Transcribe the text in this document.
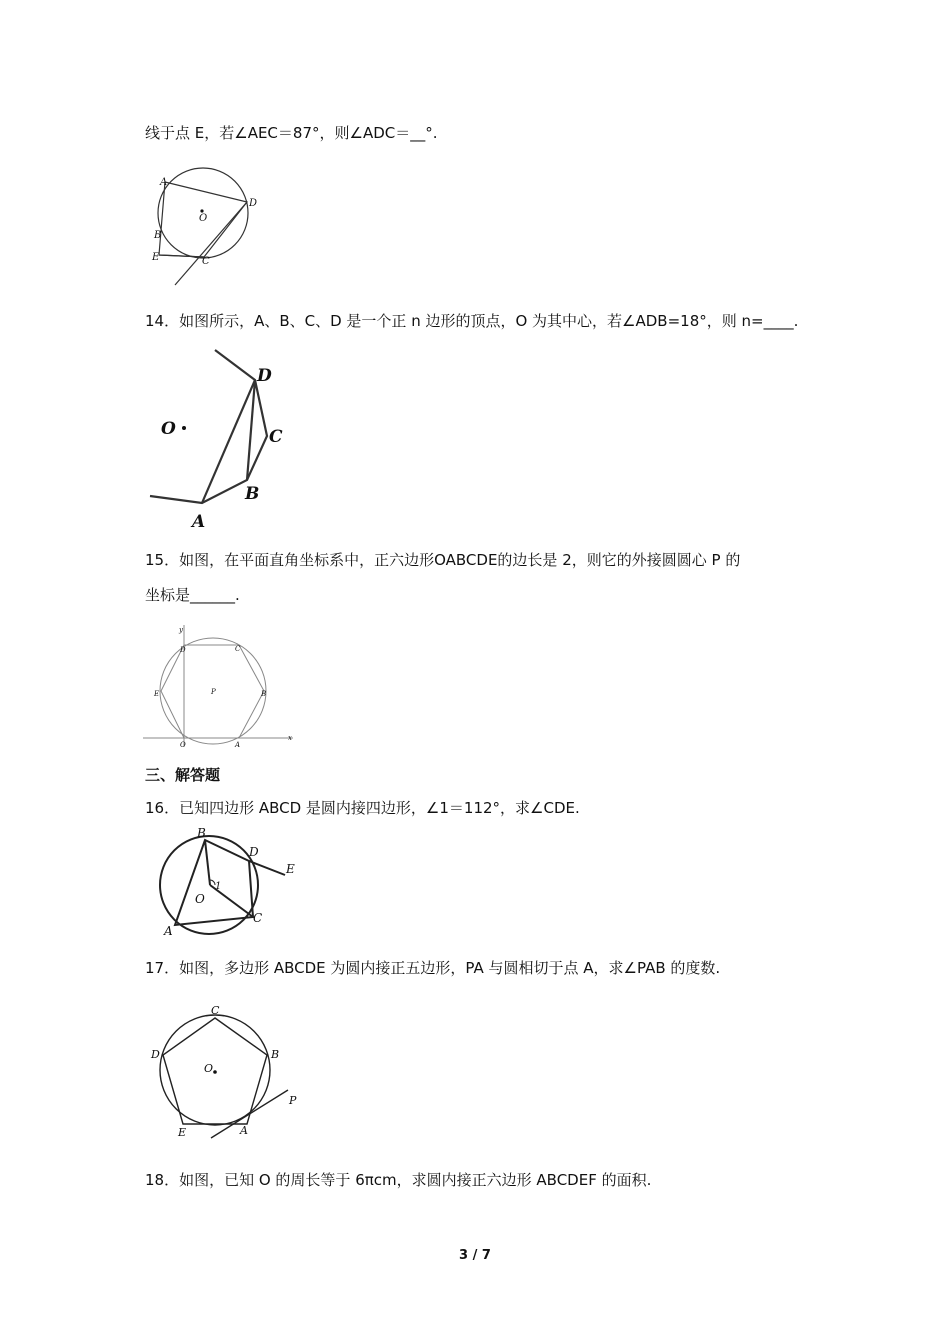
线于点 E，若∠AEC＝87°，则∠ADC＝__°.
A
D
O
B
E	C
14．如图所示，A、B、C、D 是一个正 n 边形的顶点，O 为其中心，若∠ADB=18°，则 n=____.
D
C
B
A
O
15．如图，在平面直角坐标系中，正六边形OABCDE的边长是 2，则它的外接圆圆心 P 的
坐标是______.
y
x
O	A
B
C
D
E	P
三、解答题
16．已知四边形 ABCD 是圆内接四边形，∠1＝112°，求∠CDE.
B
D
E
C
A
O
1
17．如图，多边形 ABCDE 为圆内接正五边形，PA 与圆相切于点 A，求∠PAB 的度数.
C
B
D
O
P
A
E
18．如图，已知 O 的周长等于 6πcm，求圆内接正六边形 ABCDEF 的面积.
3 / 7
